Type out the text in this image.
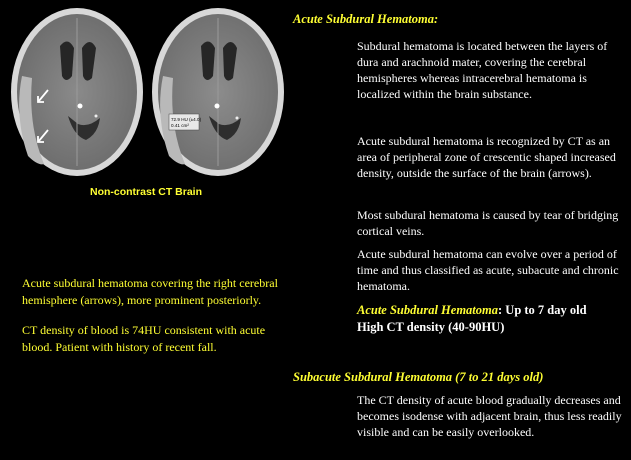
72.9 HU (±4.0)
0.41 cm²
Non-contrast CT Brain

Acute subdural hematoma covering the right cerebral hemisphere (arrows), more prominent posteriorly.

CT density of blood is 74HU consistent with acute blood. Patient with history of recent fall.

Acute Subdural Hematoma:
Subdural hematoma is located between the layers of dura and arachnoid mater, covering the cerebral hemispheres whereas intracerebral hematoma is localized within the brain substance.
Acute subdural hematoma is recognized by CT as an area of peripheral zone of crescentic shaped increased density, outside the surface of the brain (arrows).
Most subdural hematoma is caused by tear of bridging cortical veins.
Acute subdural hematoma can evolve over a period of time and thus classified as acute, subacute and chronic hematoma.
Acute Subdural Hematoma: Up to 7 day old
High CT density (40-90HU)
Subacute Subdural Hematoma (7 to 21 days old)
The CT density of acute blood gradually decreases and becomes isodense with adjacent brain, thus less readily visible and can be easily overlooked.
